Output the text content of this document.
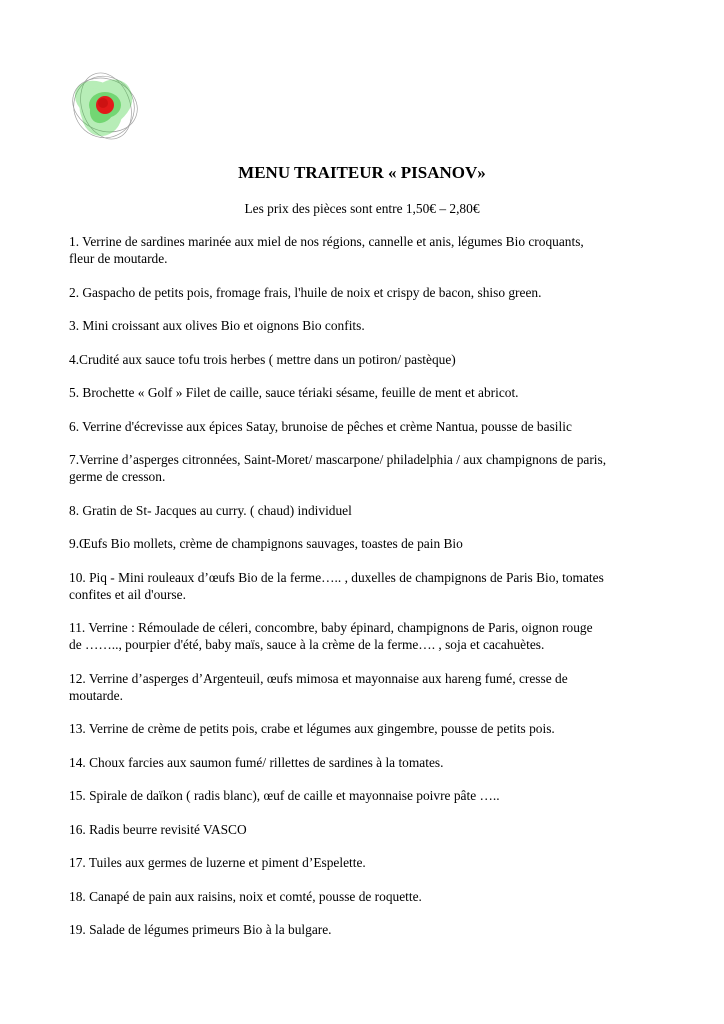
MENU TRAITEUR « PISANOV»

Les prix des pièces sont entre 1,50€ – 2,80€

1. Verrine de sardines marinée aux miel de nos régions, cannelle et anis, légumes Bio croquants,
fleur de moutarde.
2. Gaspacho de petits pois, fromage frais, l'huile de noix et crispy de bacon, shiso green.
3. Mini croissant aux olives Bio et oignons Bio confits.
4.Crudité aux sauce tofu trois herbes ( mettre dans un potiron/ pastèque)
5. Brochette « Golf » Filet de caille, sauce tériaki sésame, feuille de ment et abricot.
6. Verrine d'écrevisse aux épices Satay, brunoise de pêches et crème Nantua, pousse de basilic
7.Verrine d’asperges citronnées, Saint-Moret/ mascarpone/ philadelphia / aux champignons de paris,
germe de cresson.
8. Gratin de St- Jacques au curry. ( chaud) individuel
9.Œufs Bio mollets, crème de champignons sauvages, toastes de pain Bio
10. Piq - Mini rouleaux d’œufs Bio de la ferme….. , duxelles de champignons de Paris Bio, tomates
confites et ail d'ourse.
11. Verrine : Rémoulade de céleri, concombre, baby épinard, champignons de Paris, oignon rouge
de …….., pourpier d'été, baby maïs, sauce à la crème de la ferme…. , soja et cacahuètes.
12. Verrine d’asperges d’Argenteuil, œufs mimosa et mayonnaise aux hareng fumé, cresse de
moutarde.
13. Verrine de crème de petits pois, crabe et légumes aux gingembre, pousse de petits pois.
14. Choux farcies aux saumon fumé/ rillettes de sardines à la tomates.
15. Spirale de daïkon ( radis blanc), œuf de caille et mayonnaise poivre pâte …..
16. Radis beurre revisité VASCO
17. Tuiles aux germes de luzerne et piment d’Espelette.
18. Canapé de pain aux raisins, noix et comté, pousse de roquette.
19. Salade de légumes primeurs Bio à la bulgare.
